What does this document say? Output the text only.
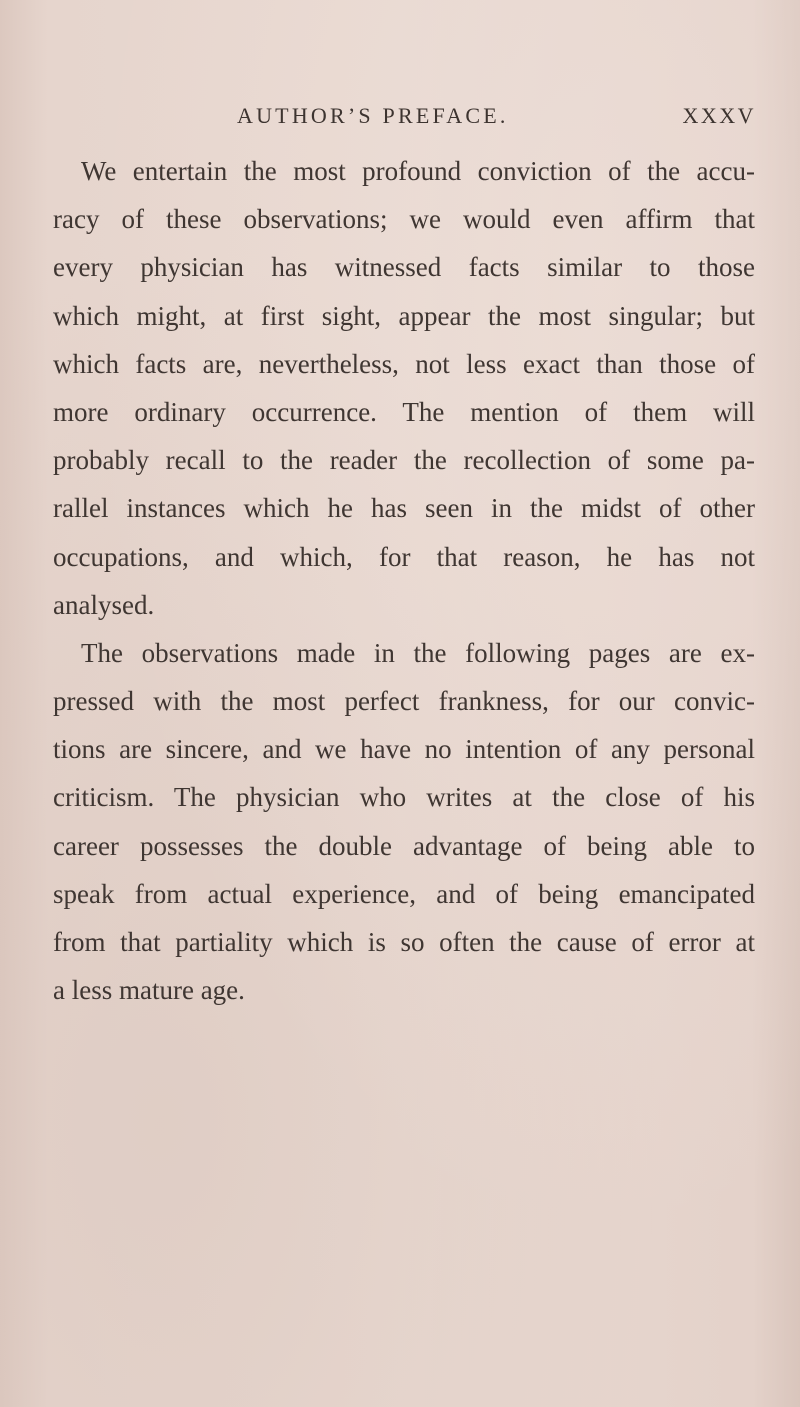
AUTHOR’S PREFACE.	XXXV
We entertain the most profound conviction of the accu-
racy of these observations; we would even affirm that
every physician has witnessed facts similar to those
which might, at first sight, appear the most singular; but
which facts are, nevertheless, not less exact than those of
more ordinary occurrence. The mention of them will
probably recall to the reader the recollection of some pa-
rallel instances which he has seen in the midst of other
occupations, and which, for that reason, he has not
analysed.
The observations made in the following pages are ex-
pressed with the most perfect frankness, for our convic-
tions are sincere, and we have no intention of any personal
criticism. The physician who writes at the close of his
career possesses the double advantage of being able to
speak from actual experience, and of being emancipated
from that partiality which is so often the cause of error at
a less mature age.
